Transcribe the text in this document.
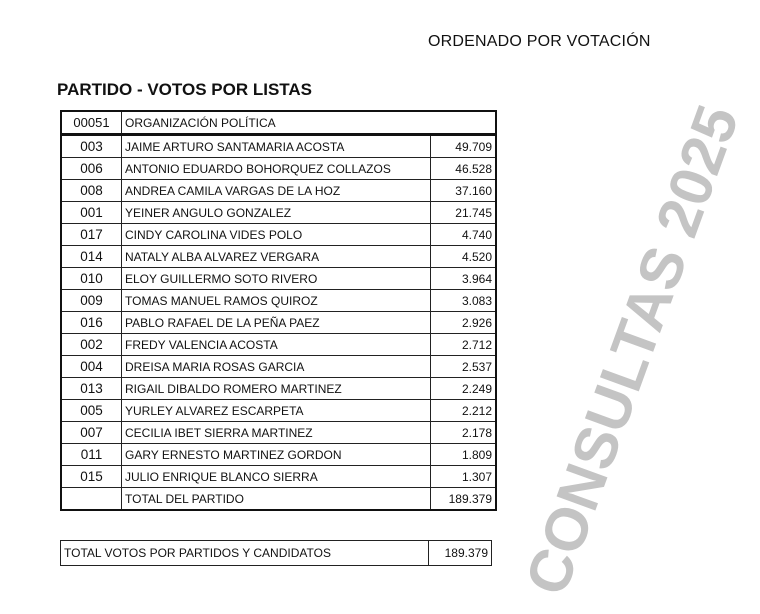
ORDENADO POR VOTACIÓN
PARTIDO - VOTOS POR LISTAS
00051	ORGANIZACIÓN POLÍTICA	
003	JAIME ARTURO SANTAMARIA ACOSTA	49.709
006	ANTONIO EDUARDO BOHORQUEZ COLLAZOS	46.528
008	ANDREA CAMILA VARGAS DE LA HOZ	37.160
001	YEINER ANGULO GONZALEZ	21.745
017	CINDY CAROLINA VIDES POLO	4.740
014	NATALY ALBA ALVAREZ VERGARA	4.520
010	ELOY GUILLERMO SOTO RIVERO	3.964
009	TOMAS MANUEL RAMOS QUIROZ	3.083
016	PABLO RAFAEL DE LA PEÑA PAEZ	2.926
002	FREDY VALENCIA ACOSTA	2.712
004	DREISA MARIA ROSAS GARCIA	2.537
013	RIGAIL DIBALDO ROMERO MARTINEZ	2.249
005	YURLEY ALVAREZ ESCARPETA	2.212
007	CECILIA IBET SIERRA MARTINEZ	2.178
011	GARY ERNESTO MARTINEZ GORDON	1.809
015	JULIO ENRIQUE BLANCO SIERRA	1.307
	TOTAL DEL PARTIDO	189.379
TOTAL VOTOS POR PARTIDOS Y CANDIDATOS	189.379 CONSULTAS 2025
